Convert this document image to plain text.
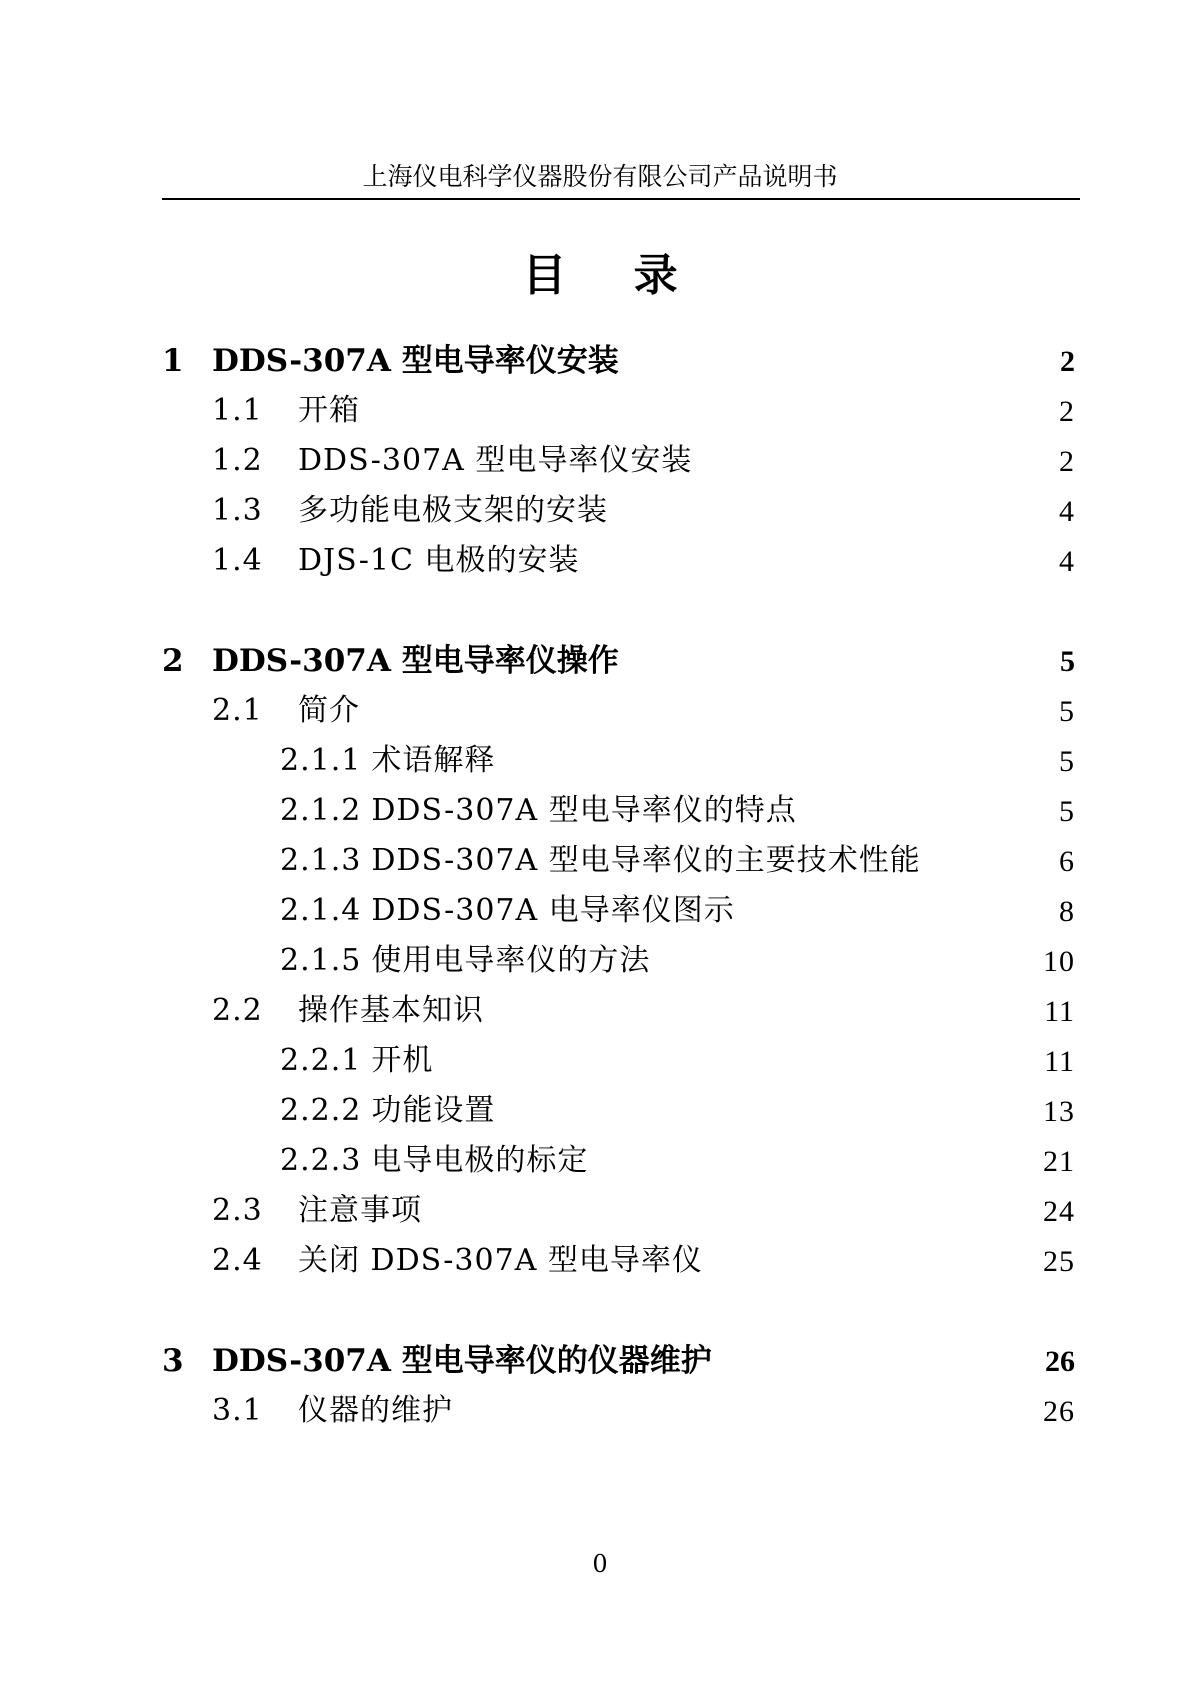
上海仪电科学仪器股份有限公司产品说明书
目 录
1 DDS-307A 型电导率仪安装 .....	2
1.1	开箱 .....	2
1.2	DDS-307A 型电导率仪安装 .....	2
1.3	多功能电极支架的安装 .....	4
1.4	DJS-1C 电极的安装 .....	4
2 DDS-307A 型电导率仪操作 .....	5
2.1	简介 .....	5
2.1.1 术语解释 .....	5
2.1.2 DDS-307A 型电导率仪的特点 .....	5
2.1.3 DDS-307A 型电导率仪的主要技术性能 .....	6
2.1.4 DDS-307A 电导率仪图示 .....	8
2.1.5 使用电导率仪的方法 .....	10
2.2	操作基本知识 .....	11
2.2.1 开机 .....	11
2.2.2 功能设置 .....	13
2.2.3 电导电极的标定 .....	21
2.3	注意事项 .....	24
2.4	关闭 DDS-307A 型电导率仪 .....	25
3 DDS-307A 型电导率仪的仪器维护 .....	26
3.1	仪器的维护 .....	26
0
